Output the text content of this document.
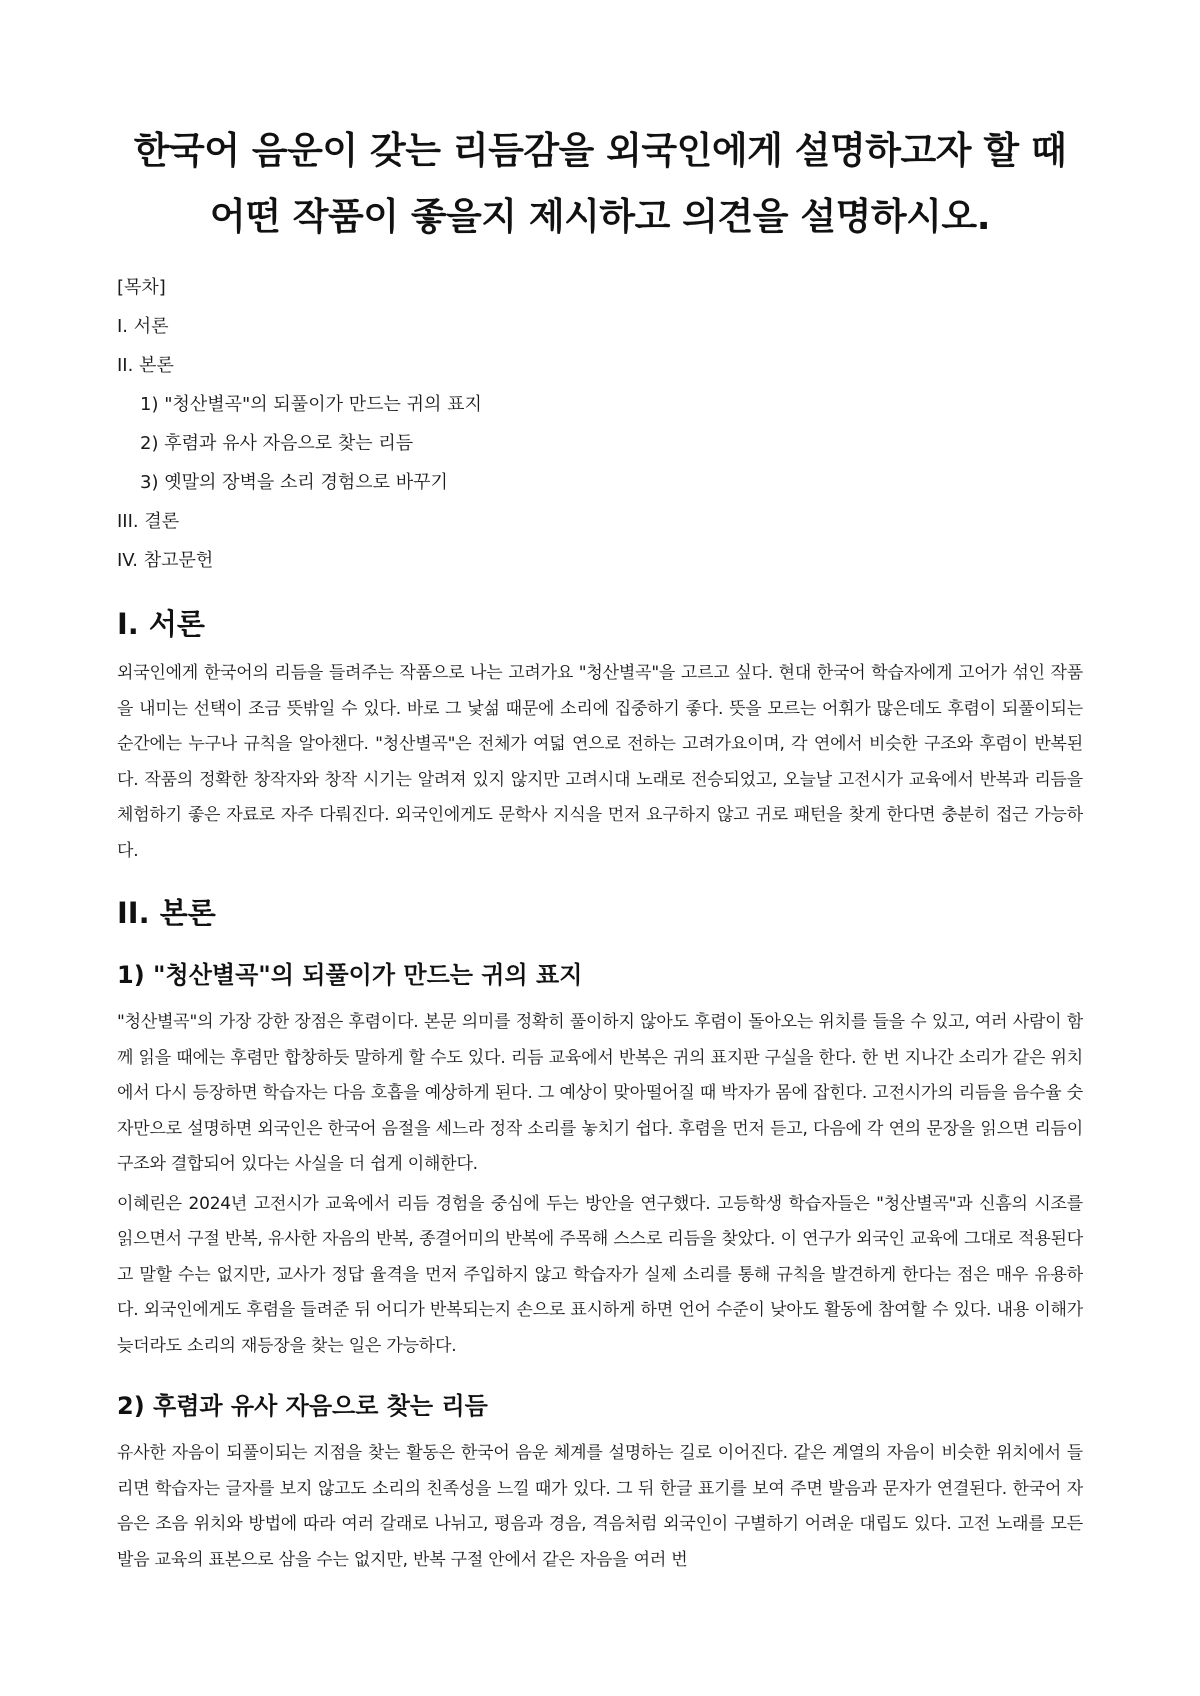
한국어 음운이 갖는 리듬감을 외국인에게 설명하고자 할 때 어떤 작품이 좋을지 제시하고 의견을 설명하시오.
[목차]
I. 서론
II. 본론
1) "청산별곡"의 되풀이가 만드는 귀의 표지
2) 후렴과 유사 자음으로 찾는 리듬
3) 옛말의 장벽을 소리 경험으로 바꾸기
III. 결론
IV. 참고문헌
I. 서론

외국인에게 한국어의 리듬을 들려주는 작품으로 나는 고려가요 "청산별곡"을 고르고 싶다. 현대 한국어 학습자에게 고어가 섞인 작품을 내미는 선택이 조금 뜻밖일 수 있다. 바로 그 낯섦 때문에 소리에 집중하기 좋다. 뜻을 모르는 어휘가 많은데도 후렴이 되풀이되는 순간에는 누구나 규칙을 알아챈다. "청산별곡"은 전체가 여덟 연으로 전하는 고려가요이며, 각 연에서 비슷한 구조와 후렴이 반복된다. 작품의 정확한 창작자와 창작 시기는 알려져 있지 않지만 고려시대 노래로 전승되었고, 오늘날 고전시가 교육에서 반복과 리듬을 체험하기 좋은 자료로 자주 다뤄진다. 외국인에게도 문학사 지식을 먼저 요구하지 않고 귀로 패턴을 찾게 한다면 충분히 접근 가능하다.

II. 본론
1) "청산별곡"의 되풀이가 만드는 귀의 표지

"청산별곡"의 가장 강한 장점은 후렴이다. 본문 의미를 정확히 풀이하지 않아도 후렴이 돌아오는 위치를 들을 수 있고, 여러 사람이 함께 읽을 때에는 후렴만 합창하듯 말하게 할 수도 있다. 리듬 교육에서 반복은 귀의 표지판 구실을 한다. 한 번 지나간 소리가 같은 위치에서 다시 등장하면 학습자는 다음 호흡을 예상하게 된다. 그 예상이 맞아떨어질 때 박자가 몸에 잡힌다. 고전시가의 리듬을 음수율 숫자만으로 설명하면 외국인은 한국어 음절을 세느라 정작 소리를 놓치기 쉽다. 후렴을 먼저 듣고, 다음에 각 연의 문장을 읽으면 리듬이 구조와 결합되어 있다는 사실을 더 쉽게 이해한다.

이혜린은 2024년 고전시가 교육에서 리듬 경험을 중심에 두는 방안을 연구했다. 고등학생 학습자들은 "청산별곡"과 신흠의 시조를 읽으면서 구절 반복, 유사한 자음의 반복, 종결어미의 반복에 주목해 스스로 리듬을 찾았다. 이 연구가 외국인 교육에 그대로 적용된다고 말할 수는 없지만, 교사가 정답 율격을 먼저 주입하지 않고 학습자가 실제 소리를 통해 규칙을 발견하게 한다는 점은 매우 유용하다. 외국인에게도 후렴을 들려준 뒤 어디가 반복되는지 손으로 표시하게 하면 언어 수준이 낮아도 활동에 참여할 수 있다. 내용 이해가 늦더라도 소리의 재등장을 찾는 일은 가능하다.

2) 후렴과 유사 자음으로 찾는 리듬

유사한 자음이 되풀이되는 지점을 찾는 활동은 한국어 음운 체계를 설명하는 길로 이어진다. 같은 계열의 자음이 비슷한 위치에서 들리면 학습자는 글자를 보지 않고도 소리의 친족성을 느낄 때가 있다. 그 뒤 한글 표기를 보여 주면 발음과 문자가 연결된다. 한국어 자음은 조음 위치와 방법에 따라 여러 갈래로 나뉘고, 평음과 경음, 격음처럼 외국인이 구별하기 어려운 대립도 있다. 고전 노래를 모든 발음 교육의 표본으로 삼을 수는 없지만, 반복 구절 안에서 같은 자음을 여러 번
